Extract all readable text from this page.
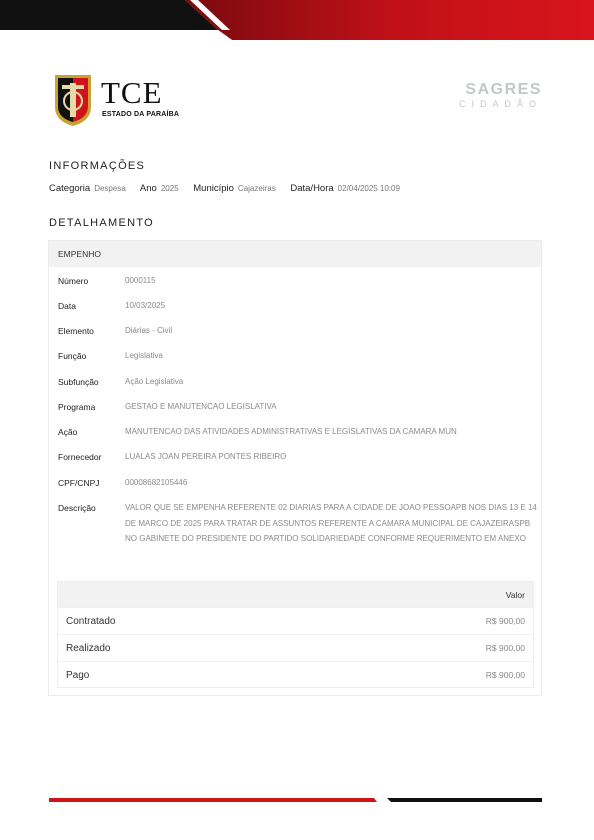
TCE
ESTADO DA PARAÍBA
SAGRES
CIDADÃO
INFORMAÇÕES
Categoria Despesa Ano 2025 Município Cajazeiras Data/Hora 02/04/2025 10:09
DETALHAMENTO
EMPENHO
Número	0000115
Data	10/03/2025
Elemento	Diárias - Civil
Função	Legislativa
Subfunção	Ação Legislativa
Programa	GESTAO E MANUTENCAO LEGISLATIVA
Ação	MANUTENCAO DAS ATIVIDADES ADMINISTRATIVAS E LEGISLATIVAS DA CAMARA MUN
Fornecedor	LUALAS JOAN PEREIRA PONTES RIBEIRO
CPF/CNPJ	00008682105446
Descrição	VALOR QUE SE EMPENHA REFERENTE 02 DIARIAS PARA A CIDADE DE JOAO PESSOAPB NOS DIAS 13 E 14 DE MARCO DE 2025 PARA TRATAR DE ASSUNTOS REFERENTE A CAMARA MUNICIPAL DE CAJAZEIRASPB NO GABINETE DO PRESIDENTE DO PARTIDO SOLIDARIEDADE CONFORME REQUERIMENTO EM ANEXO
Valor
Contratado	R$ 900,00
Realizado	R$ 900,00
Pago	R$ 900,00
